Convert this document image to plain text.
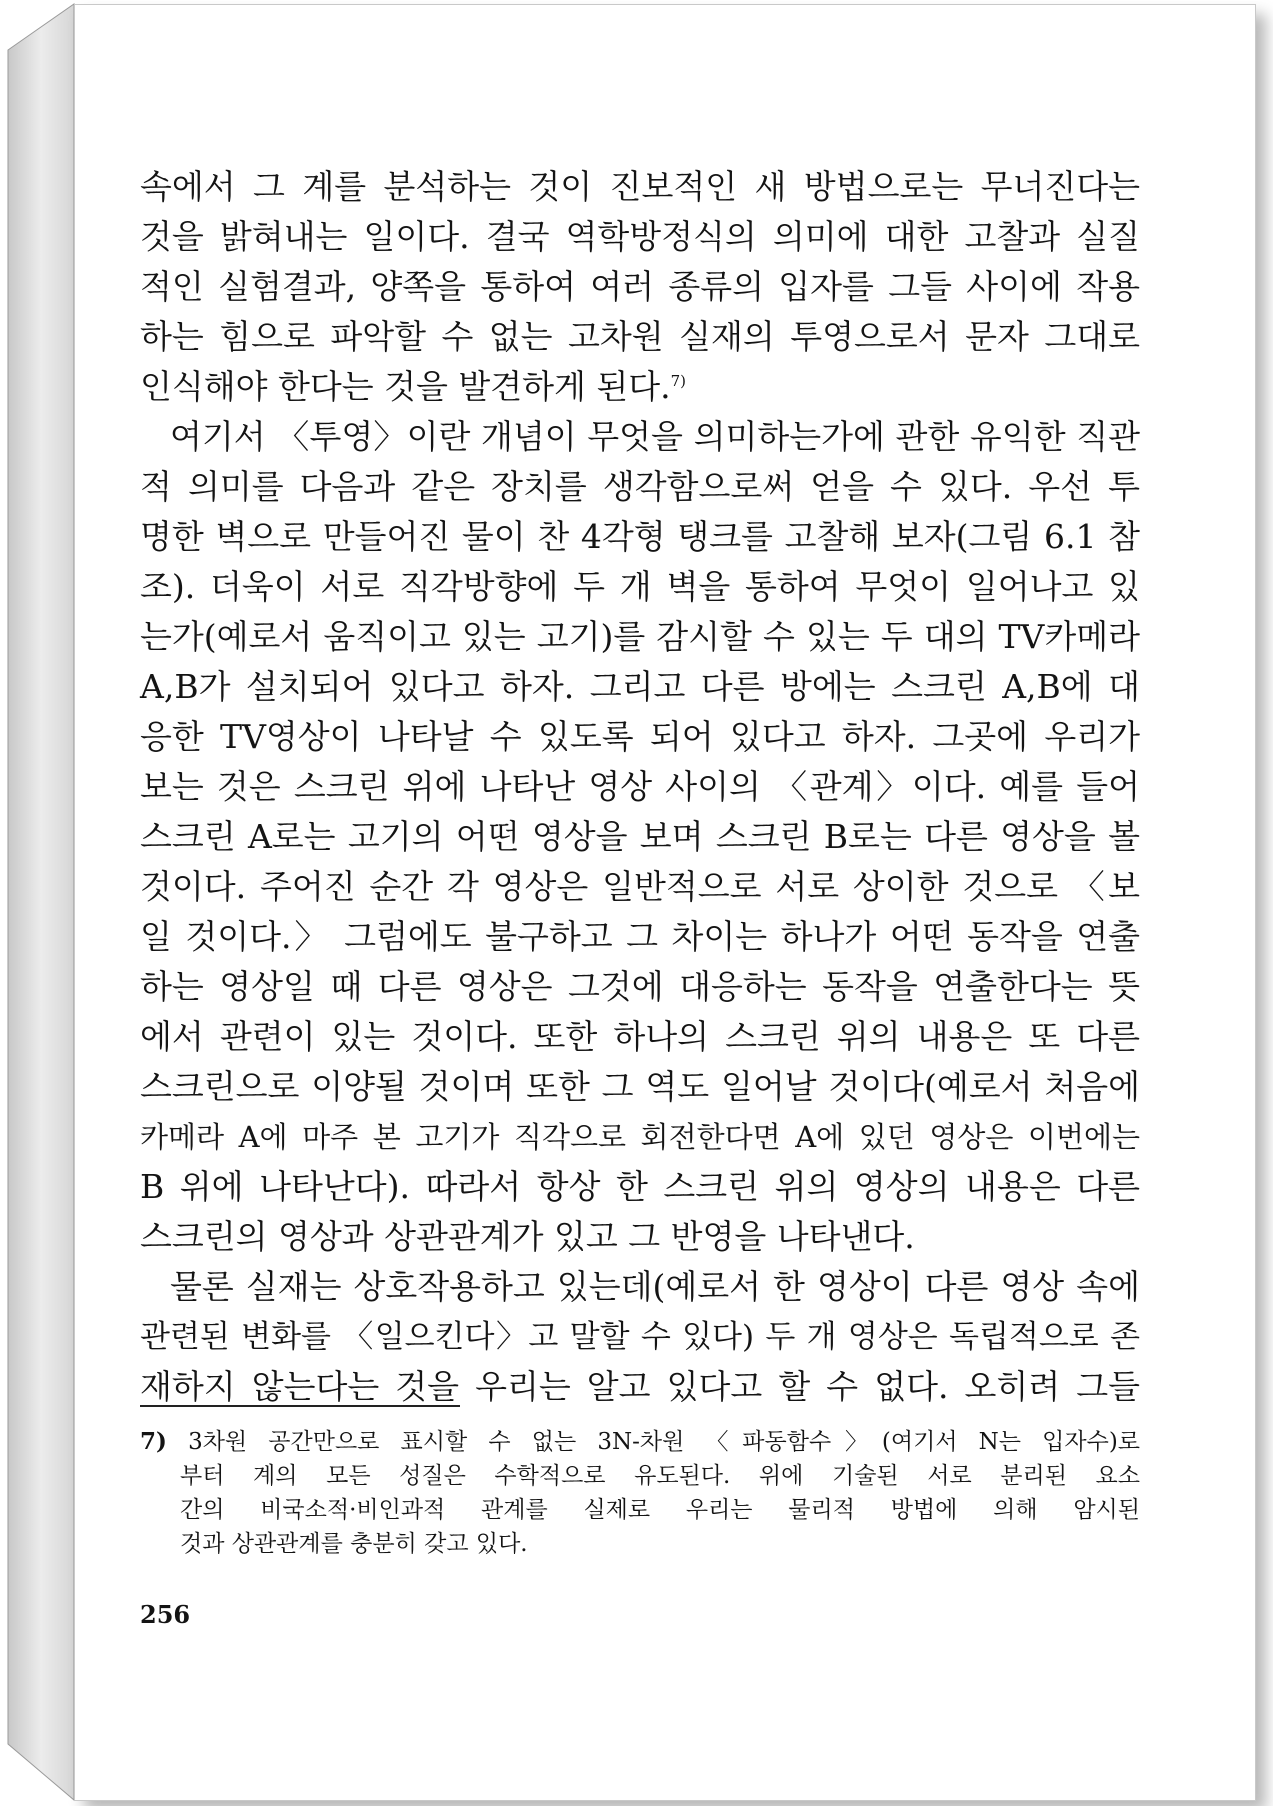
속에서 그 계를 분석하는 것이 진보적인 새 방법으로는 무너진다는
것을 밝혀내는 일이다. 결국 역학방정식의 의미에 대한 고찰과 실질
적인 실험결과, 양쪽을 통하여 여러 종류의 입자를 그들 사이에 작용
하는 힘으로 파악할 수 없는 고차원 실재의 투영으로서 문자 그대로
인식해야 한다는 것을 발견하게 된다.$^{7)}$
여기서 〈투영〉이란 개념이 무엇을 의미하는가에 관한 유익한 직관
적 의미를 다음과 같은 장치를 생각함으로써 얻을 수 있다. 우선 투
명한 벽으로 만들어진 물이 찬 4각형 탱크를 고찰해 보자(그림 6.1 참
조). 더욱이 서로 직각방향에 두 개 벽을 통하여 무엇이 일어나고 있
는가(예로서 움직이고 있는 고기)를 감시할 수 있는 두 대의 TV카메라
A,B가 설치되어 있다고 하자. 그리고 다른 방에는 스크린 A,B에 대
응한 TV영상이 나타날 수 있도록 되어 있다고 하자. 그곳에 우리가
보는 것은 스크린 위에 나타난 영상 사이의 〈관계〉이다. 예를 들어
스크린 A로는 고기의 어떤 영상을 보며 스크린 B로는 다른 영상을 볼
것이다. 주어진 순간 각 영상은 일반적으로 서로 상이한 것으로 〈보
일 것이다.〉 그럼에도 불구하고 그 차이는 하나가 어떤 동작을 연출
하는 영상일 때 다른 영상은 그것에 대응하는 동작을 연출한다는 뜻
에서 관련이 있는 것이다. 또한 하나의 스크린 위의 내용은 또 다른
스크린으로 이양될 것이며 또한 그 역도 일어날 것이다(예로서 처음에
카메라 A에 마주 본 고기가 직각으로 회전한다면 A에 있던 영상은 이번에는
B 위에 나타난다). 따라서 항상 한 스크린 위의 영상의 내용은 다른
스크린의 영상과 상관관계가 있고 그 반영을 나타낸다.
물론 실재는 상호작용하고 있는데(예로서 한 영상이 다른 영상 속에
관련된 변화를 〈일으킨다〉고 말할 수 있다) 두 개 영상은 독립적으로 존
재하지 않는다는 것을 우리는 알고 있다고 할 수 없다. 오히려 그들
7) 3차원 공간만으로 표시할 수 없는 3N-차원 〈파동함수〉(여기서 N는 입자수)로
부터 계의 모든 성질은 수학적으로 유도된다. 위에 기술된 서로 분리된 요소
간의 비국소적·비인과적 관계를 실제로 우리는 물리적 방법에 의해 암시된
것과 상관관계를 충분히 갖고 있다.
256
